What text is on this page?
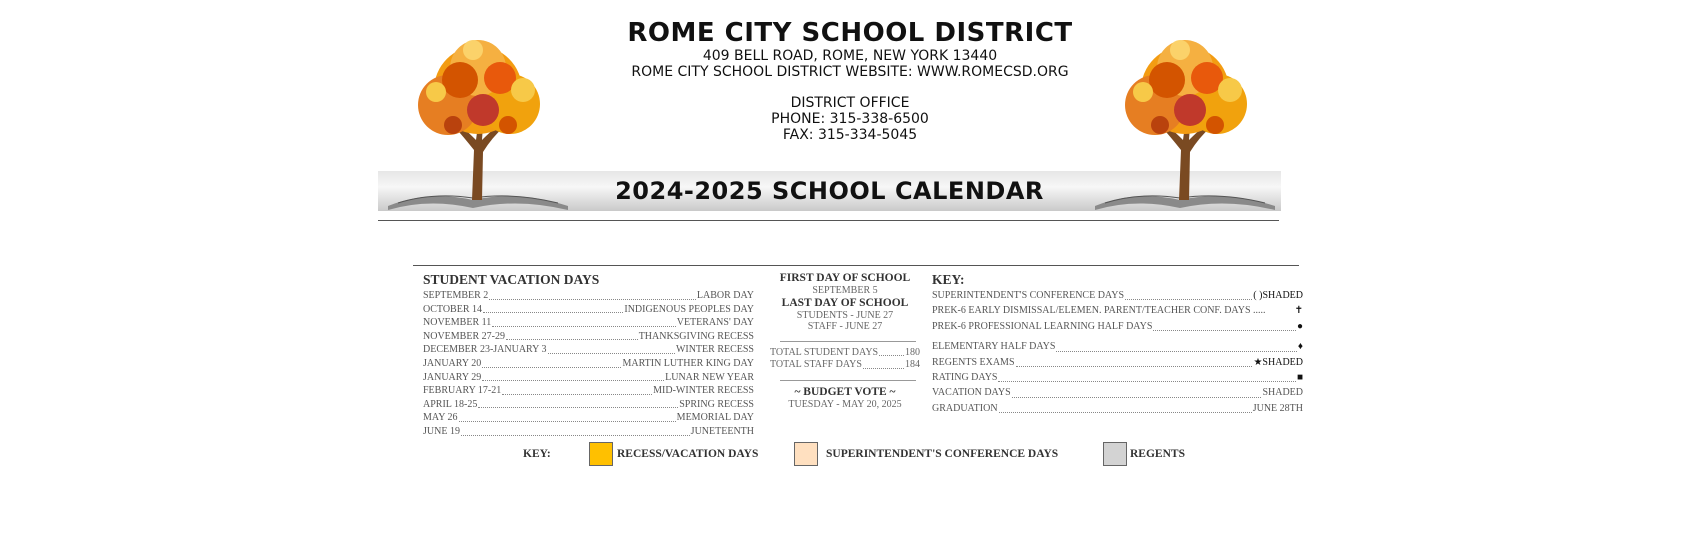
ROME CITY SCHOOL DISTRICT
409 BELL ROAD, ROME, NEW YORK 13440
ROME CITY SCHOOL DISTRICT WEBSITE: WWW.ROMECSD.ORG
DISTRICT OFFICE
PHONE: 315-338-6500
FAX: 315-334-5045
2024-2025 SCHOOL CALENDAR
STUDENT VACATION DAYS
SEPTEMBER 2	LABOR DAY
OCTOBER 14	INDIGENOUS PEOPLES DAY
NOVEMBER 11	VETERANS' DAY
NOVEMBER 27-29	THANKSGIVING RECESS
DECEMBER 23-JANUARY 3	WINTER RECESS
JANUARY 20	MARTIN LUTHER KING DAY
JANUARY 29	LUNAR NEW YEAR
FEBRUARY 17-21	MID-WINTER RECESS
APRIL 18-25	SPRING RECESS
MAY 26	MEMORIAL DAY
JUNE 19	JUNETEENTH
FIRST DAY OF SCHOOL
SEPTEMBER 5
LAST DAY OF SCHOOL
STUDENTS - JUNE 27
STAFF - JUNE 27
TOTAL STUDENT DAYS	180
TOTAL STAFF DAYS	184
~ BUDGET VOTE ~
TUESDAY - MAY 20, 2025
KEY:
SUPERINTENDENT'S CONFERENCE DAYS	( )SHADED
PREK-6 EARLY DISMISSAL/ELEMEN. PARENT/TEACHER CONF. DAYS .....	✝
PREK-6 PROFESSIONAL LEARNING HALF DAYS	●
ELEMENTARY HALF DAYS	♦
REGENTS EXAMS	★SHADED
RATING DAYS	■
VACATION DAYS	SHADED
GRADUATION	JUNE 28TH
KEY:	RECESS/VACATION DAYS	SUPERINTENDENT'S CONFERENCE DAYS	REGENTS
